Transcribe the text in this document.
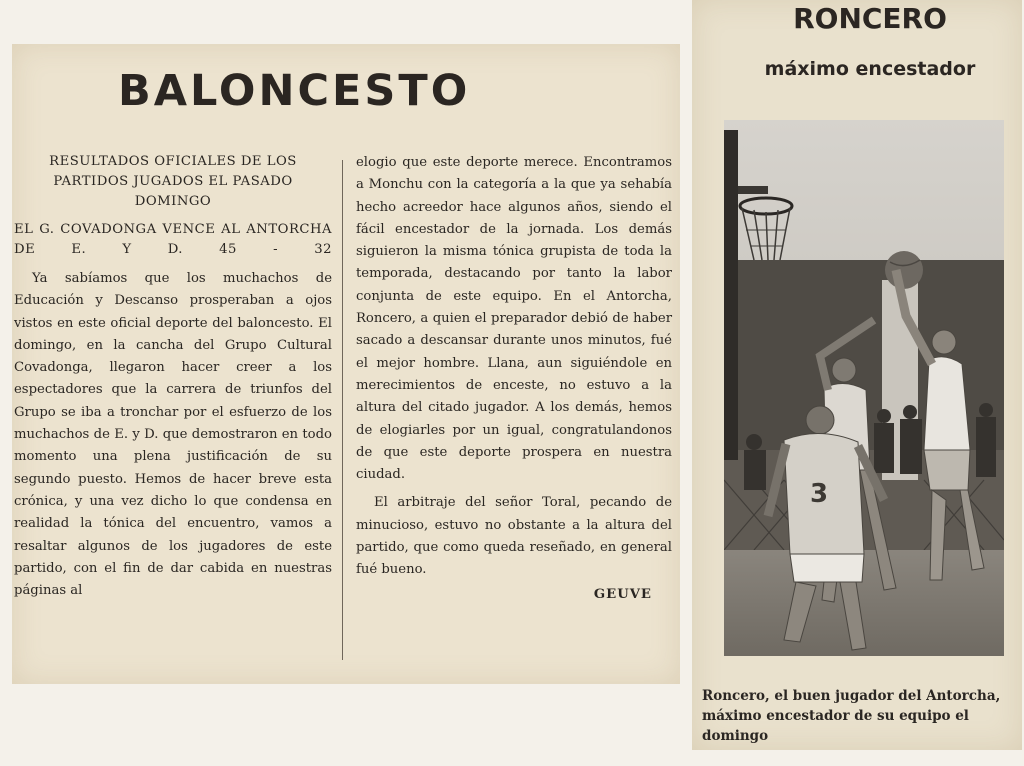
BALONCESTO
RESULTADOS OFICIALES DE LOS PARTIDOS JUGADOS EL PASADO DOMINGO
EL G. COVADONGA VENCE AL ANTORCHA DE E. Y D. 45 - 32

Ya sabíamos que los muchachos de Educación y Descanso prosperaban a ojos vistos en este oficial deporte del baloncesto. El domingo, en la cancha del Grupo Cultural Covadonga, llegaron hacer creer a los espectadores que la carrera de triunfos del Grupo se iba a tronchar por el esfuerzo de los muchachos de E. y D. que demostraron en todo momento una plena justificación de su segundo puesto. Hemos de hacer breve esta crónica, y una vez dicho lo que condensa en realidad la tónica del encuentro, vamos a resaltar algunos de los jugadores de este partido, con el fin de dar cabida en nuestras páginas al

elogio que este deporte merece. Encontramos a Monchu con la categoría a la que ya sehabía hecho acreedor hace algunos años, siendo el fácil encestador de la jornada. Los demás siguieron la misma tónica grupista de toda la temporada, destacando por tanto la labor conjunta de este equipo. En el Antorcha, Roncero, a quien el preparador debió de haber sacado a descansar durante unos minutos, fué el mejor hombre. Llana, aun siguiéndole en merecimientos de encestе, no estuvo a la altura del citado jugador. A los demás, hemos de elogiarles por un igual, congratulandonos de que este deporte prospera en nuestra ciudad.

El arbitraje del señor Toral, pecando de minucioso, estuvo no obstante a la altura del partido, que como queda reseñado, en general fué bueno.

GEUVE
RONCERO
máximo encestador
3
Roncero, el buen jugador del Antorcha, máximo encestador de su equipo el domingo
